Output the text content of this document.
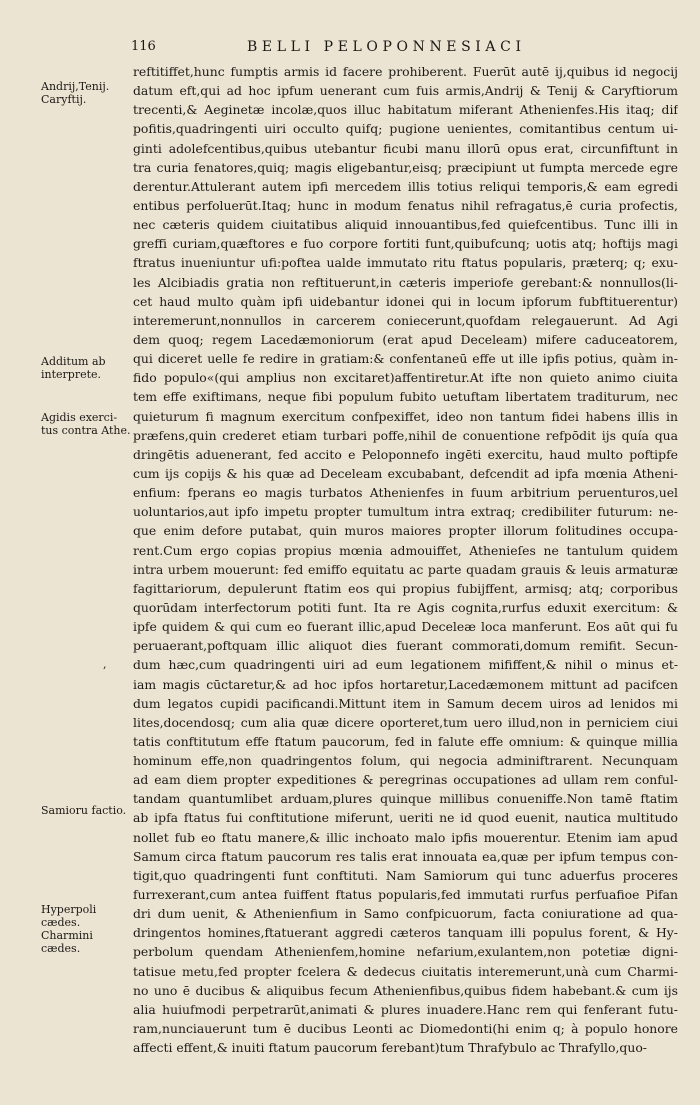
116	BELLI PELOPONNESIACI
Andrij,Tenij. Caryftij.
Additum ab interprete.
Agidis exerci- tus contra Athe.
,
Samioru factio.
Hyperpoli cædes. Charmini cædes.
reftitiffet,hunc fumptis armis id facere prohiberent. Fuerūt autē ij,quibus id negocij
datum eft,qui ad hoc ipfum uenerant cum fuis armis,Andrij & Tenij & Caryftiorum
trecenti,& Aeginetæ incolæ,quos illuc habitatum miferant Athenienfes.His itaq; dif
pofitis,quadringenti uiri occulto quifq; pugione uenientes, comitantibus centum ui-
ginti adolefcentibus,quibus utebantur ficubi manu illorū opus erat, circunfiftunt in
tra curia fenatores,quiq; magis eligebantur,eisq; præcipiunt ut fumpta mercede egre
derentur.Attulerant autem ipfi mercedem illis totius reliqui temporis,& eam egredi
entibus perfoluerūt.Itaq; hunc in modum fenatus nihil refragatus,ē curia profectis,
nec cæteris quidem ciuitatibus aliquid innouantibus,fed quiefcentibus. Tunc illi in
greffi curiam,quæftores e fuo corpore fortiti funt,quibufcunq; uotis atq; hoftijs magi
ftratus inueniuntur ufi:poftea ualde immutato ritu ftatus popularis, præterq; q; exu-
les Alcibiadis gratia non reftituerunt,in cæteris imperiofe gerebant:& nonnullos(li-
cet haud multo quàm ipfi uidebantur idonei qui in locum ipforum fubftituerentur)
interemerunt,nonnullos in carcerem coniecerunt,quofdam relegauerunt. Ad Agi
dem quoq; regem Lacedæmoniorum (erat apud Deceleam) mifere caduceatorem,
qui diceret uelle fe redire in gratiam:& confentaneū effe ut ille ipfis potius, quàm in-
fido populo«(qui amplius non excitaret)affentiretur.At ifte non quieto animo ciuita
tem effe exiftimans, neque fibi populum fubito uetuftam libertatem traditurum, nec
quieturum fi magnum exercitum confpexiffet, ideo non tantum fidei habens illis in
præfens,quin crederet etiam turbari poffe,nihil de conuentione refpōdit ijs quía qua
dringētis aduenerant, fed accito e Peloponnefo ingēti exercitu, haud multo poftipfe
cum ijs copijs & his quæ ad Deceleam excubabant, defcendit ad ipfa mœnia Atheni-
enfium: fperans eo magis turbatos Athenienfes in fuum arbitrium peruenturos,uel
uoluntarios,aut ipfo impetu propter tumultum intra extraq; credibiliter futurum: ne-
que enim defore putabat, quin muros maiores propter illorum folitudines occupa-
rent.Cum ergo copias propius mœnia admouiffet, Athenieſes ne tantulum quidem
intra urbem mouerunt: fed emiffo equitatu ac parte quadam grauis & leuis armaturæ
fagittariorum, depulerunt ftatim eos qui propius fubijffent, armisq; atq; corporibus
quorūdam interfectorum potiti funt. Ita re Agis cognita,rurfus eduxit exercitum: &
ipfe quidem & qui cum eo fuerant illic,apud Deceleæ loca manferunt. Eos aūt qui fu
peruaerant,poftquam illic aliquot dies fuerant commorati,domum remifit. Secun-
dum hæc,cum quadringenti uiri ad eum legationem mififfent,& nihil o minus et-
iam magis cūctaretur,& ad hoc ipfos hortaretur,Lacedæmonem mittunt ad pacifcen
dum legatos cupidi pacificandi.Mittunt item in Samum decem uiros ad lenidos mi
lites,docendosq; cum alia quæ dicere oporteret,tum uero illud,non in perniciem ciui
tatis conftitutum effe ftatum paucorum, fed in falute effe omnium: & quinque millia
hominum effe,non quadringentos folum, qui negocia adminiftrarent. Necunquam
ad eam diem propter expeditiones & peregrinas occupationes ad ullam rem conful-
tandam quantumlibet arduam,plures quinque millibus conueniffe.Non tamē ftatim
ab ipfa ftatus fui conftitutione miferunt, ueriti ne id quod euenit, nautica multitudo
nollet fub eo ftatu manere,& illic inchoato malo ipfis mouerentur. Etenim iam apud
Samum circa ftatum paucorum res talis erat innouata ea,quæ per ipfum tempus con-
tigit,quo quadringenti funt conftituti. Nam Samiorum qui tunc aduerfus proceres
furrexerant,cum antea fuiffent ftatus popularis,fed immutati rurfus perfuafioe Pifan
dri dum uenit, & Athenienfium in Samo confpicuorum, facta coniuratione ad qua-
dringentos homines,ftatuerant aggredi cæteros tanquam illi populus forent, & Hy-
perbolum quendam Athenienfem,homine nefarium,exulantem,non potetiæ digni-
tatisue metu,fed propter fcelera & dedecus ciuitatis interemerunt,unà cum Charmi-
no uno ē ducibus & aliquibus fecum Athenienfibus,quibus fidem habebant.& cum ijs
alia huiufmodi perpetrarūt,animati & plures inuadere.Hanc rem qui fenferant futu-
ram,nunciauerunt tum ē ducibus Leonti ac Diomedonti(hi enim q; à populo honore
affecti effent,& inuiti ftatum paucorum ferebant)tum Thrafybulo ac Thrafyllo,quo-
